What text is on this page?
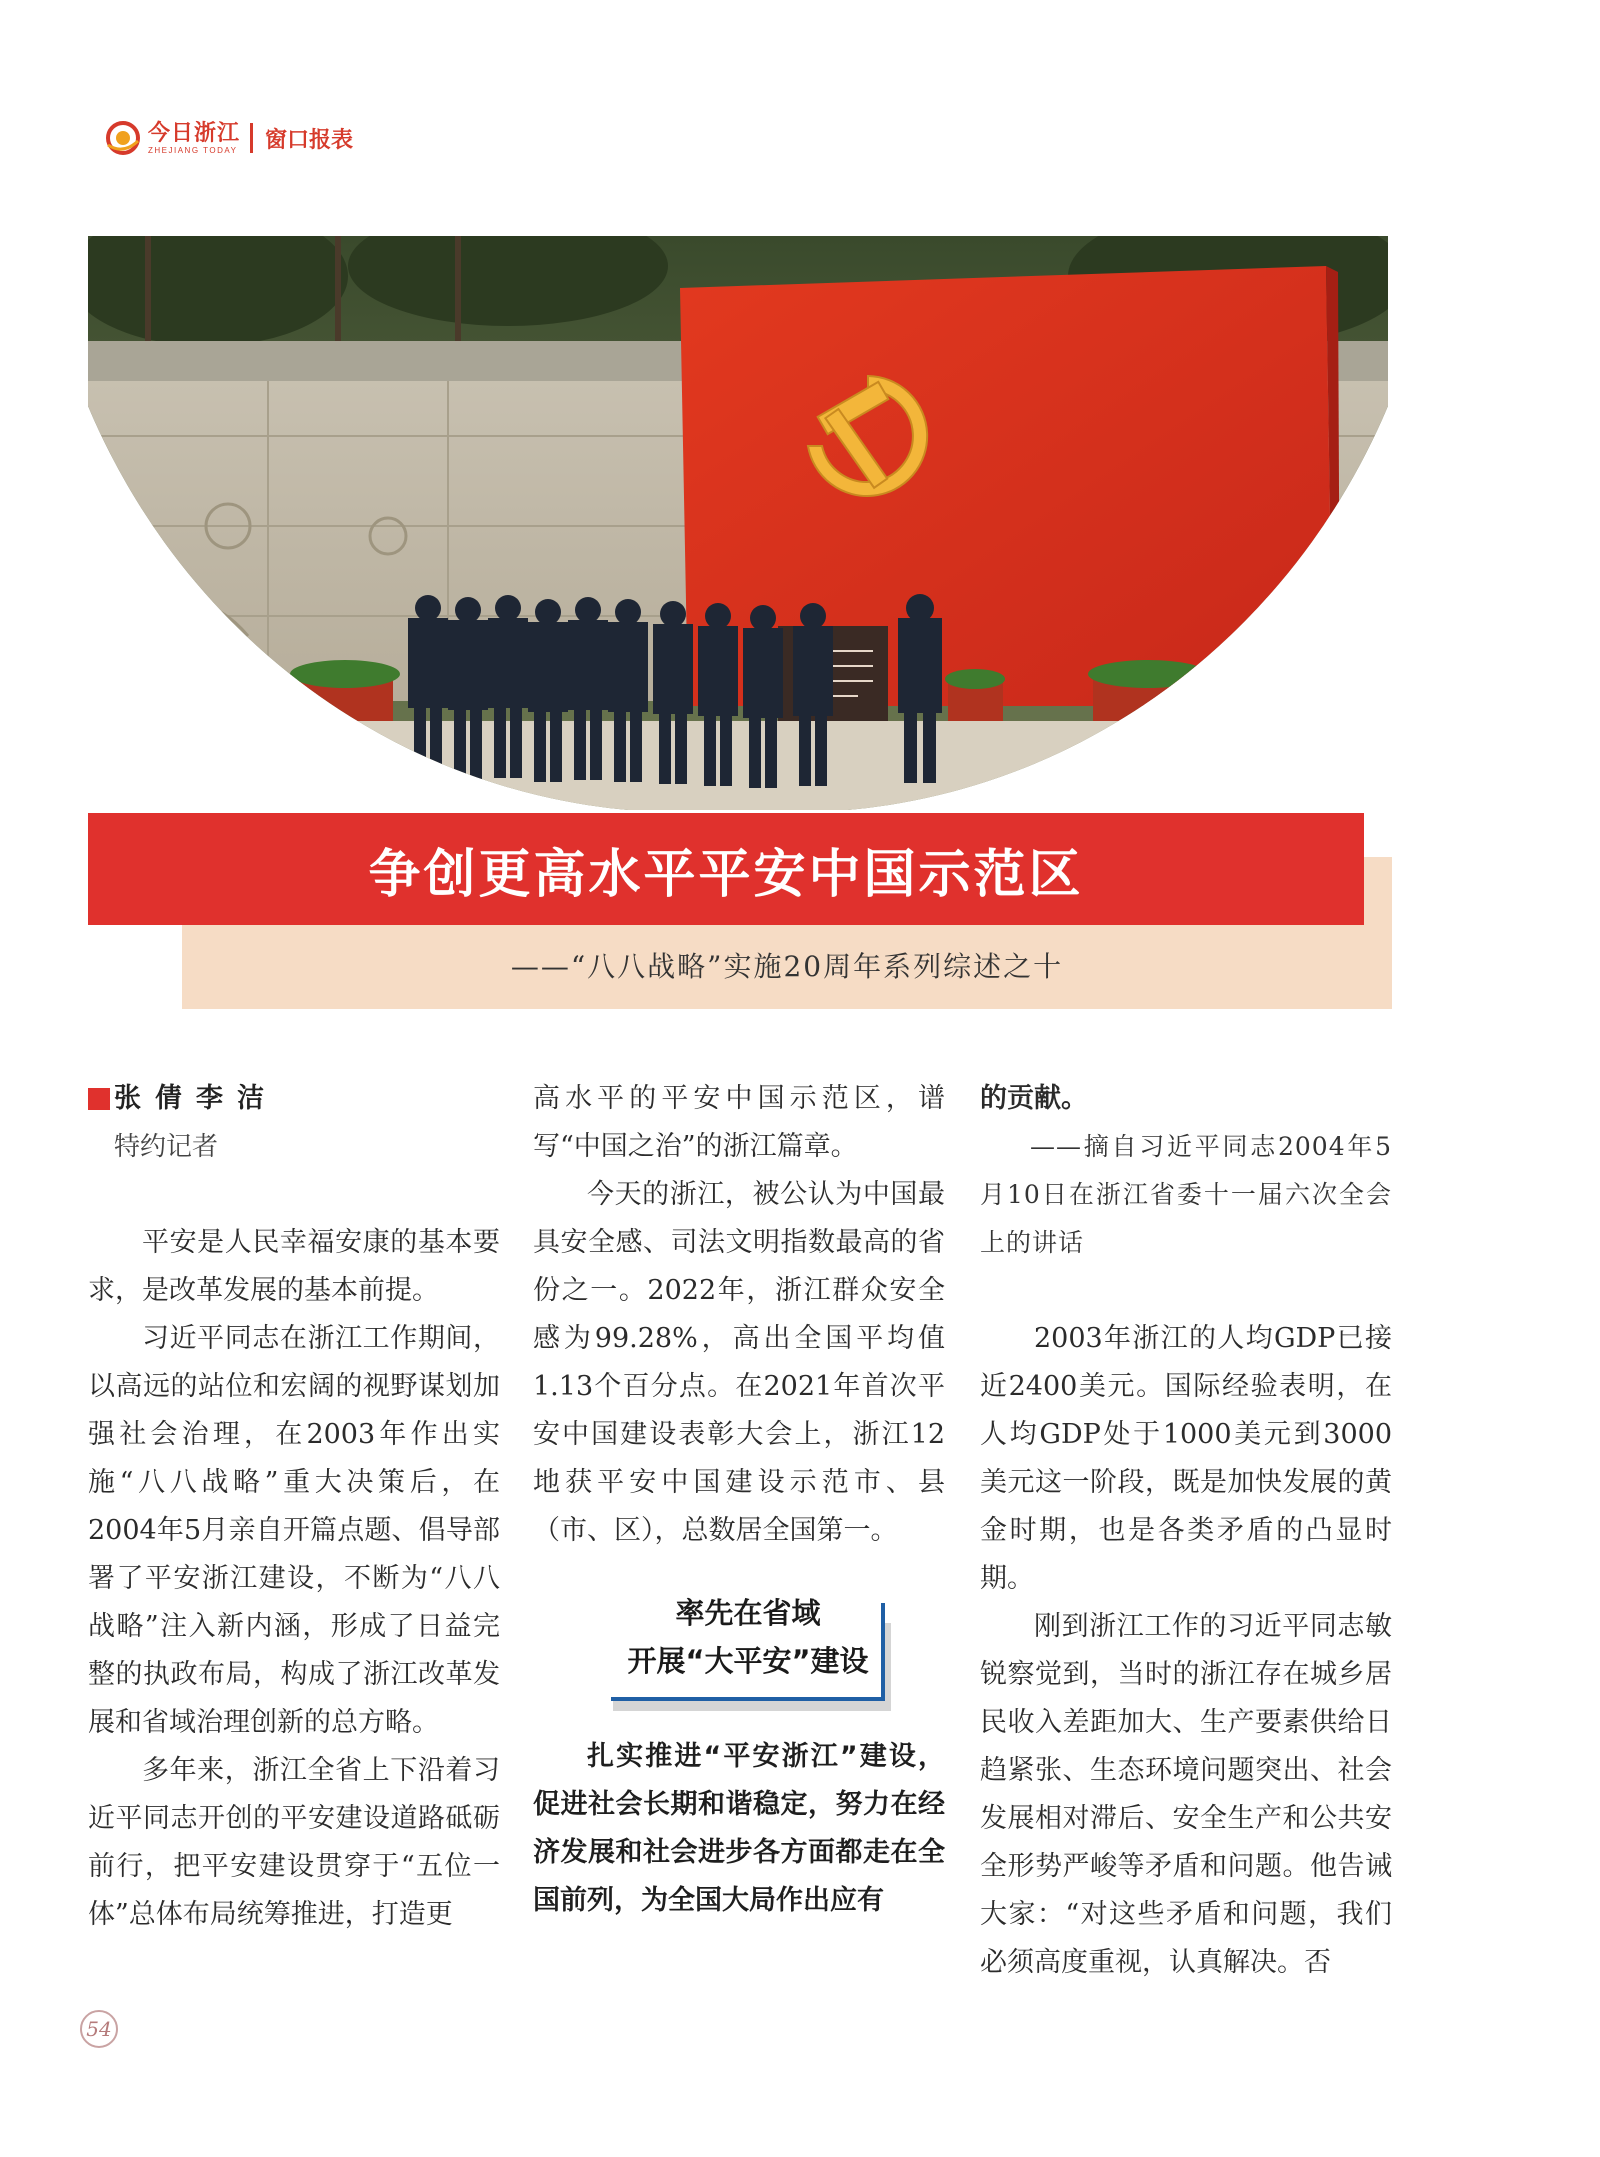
今日浙江
ZHEJIANG TODAY 窗口报表
争创更高水平平安中国示范区
——“八八战略”实施20周年系列综述之十
张倩李洁
特约记者

平安是人民幸福安康的基本要求，是改革发展的基本前提。

习近平同志在浙江工作期间，以高远的站位和宏阔的视野谋划加强社会治理，在2003年作出实施“八八战略”重大决策后，在2004年5月亲自开篇点题、倡导部署了平安浙江建设，不断为“八八战略”注入新内涵，形成了日益完整的执政布局，构成了浙江改革发展和省域治理创新的总方略。

多年来，浙江全省上下沿着习近平同志开创的平安建设道路砥砺前行，把平安建设贯穿于“五位一体”总体布局统筹推进，打造更

高水平的平安中国示范区，谱写“中国之治”的浙江篇章。

今天的浙江，被公认为中国最具安全感、司法文明指数最高的省份之一。2022年，浙江群众安全感为99.28%，高出全国平均值1.13个百分点。在2021年首次平安中国建设表彰大会上，浙江12地获平安中国建设示范市、县（市、区），总数居全国第一。

率先在省域
开展“大平安”建设

扎实推进“平安浙江”建设，促进社会长期和谐稳定，努力在经济发展和社会进步各方面都走在全国前列，为全国大局作出应有

的贡献。

——摘自习近平同志2004年5月10日在浙江省委十一届六次全会上的讲话

2003年浙江的人均GDP已接近2400美元。国际经验表明，在人均GDP处于1000美元到3000美元这一阶段，既是加快发展的黄金时期，也是各类矛盾的凸显时期。

刚到浙江工作的习近平同志敏锐察觉到，当时的浙江存在城乡居民收入差距加大、生产要素供给日趋紧张、生态环境问题突出、社会发展相对滞后、安全生产和公共安全形势严峻等矛盾和问题。他告诫大家：“对这些矛盾和问题，我们必须高度重视，认真解决。否

54
